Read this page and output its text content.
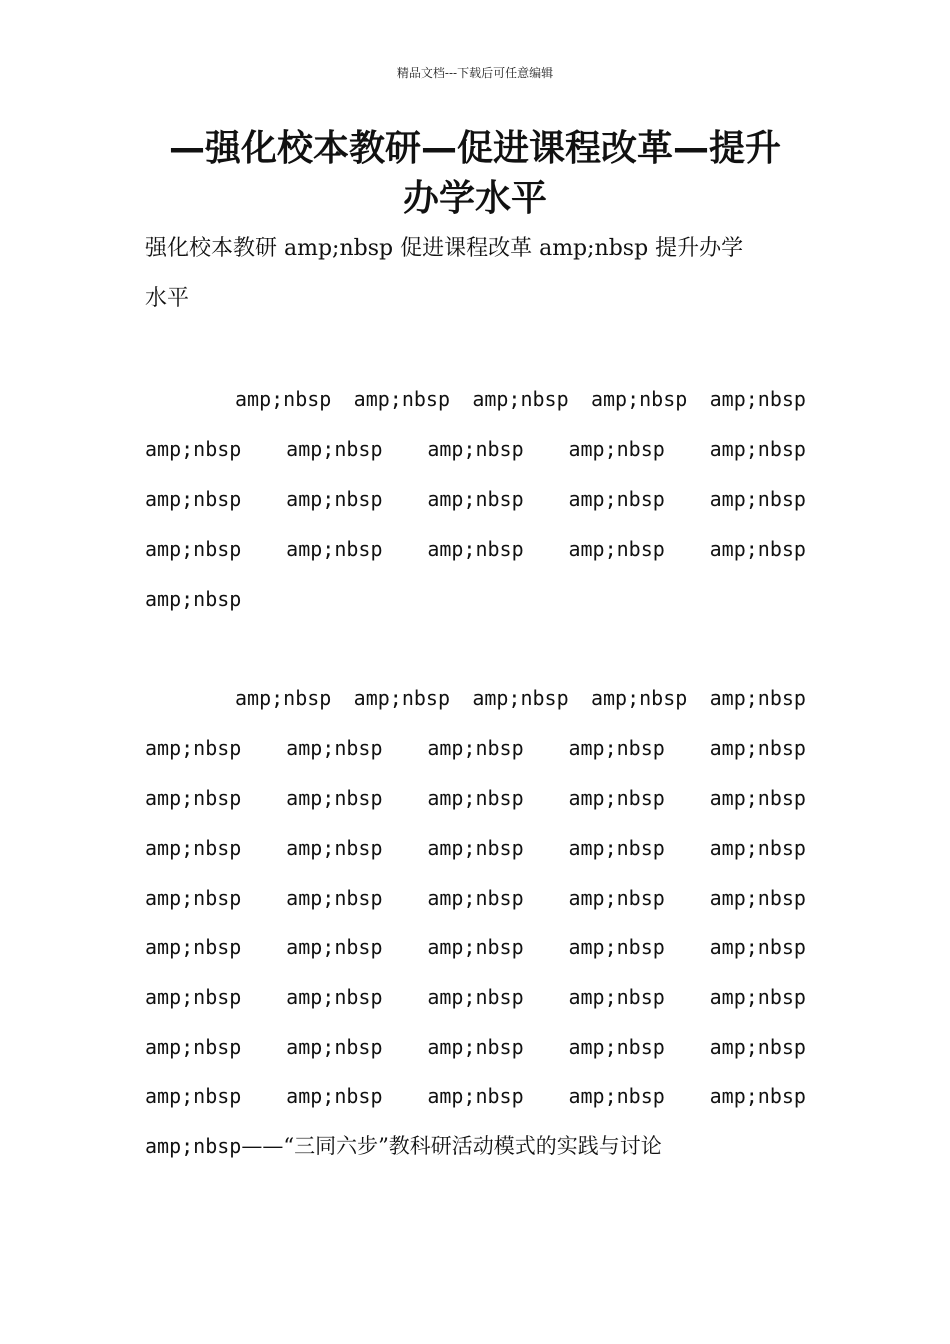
精品文档---下载后可任意编辑
—强化校本教研—促进课程改革—提升
办学水平
强化校本教研 amp;nbsp 促进课程改革 amp;nbsp 提升办学
水平
amp;nbsp amp;nbsp amp;nbsp amp;nbsp amp;nbsp
amp;nbsp amp;nbsp amp;nbsp amp;nbsp amp;nbsp
amp;nbsp amp;nbsp amp;nbsp amp;nbsp amp;nbsp
amp;nbsp amp;nbsp amp;nbsp amp;nbsp amp;nbsp
amp;nbsp
amp;nbsp amp;nbsp amp;nbsp amp;nbsp amp;nbsp
amp;nbsp amp;nbsp amp;nbsp amp;nbsp amp;nbsp
amp;nbsp amp;nbsp amp;nbsp amp;nbsp amp;nbsp
amp;nbsp amp;nbsp amp;nbsp amp;nbsp amp;nbsp
amp;nbsp amp;nbsp amp;nbsp amp;nbsp amp;nbsp
amp;nbsp amp;nbsp amp;nbsp amp;nbsp amp;nbsp
amp;nbsp amp;nbsp amp;nbsp amp;nbsp amp;nbsp
amp;nbsp amp;nbsp amp;nbsp amp;nbsp amp;nbsp
amp;nbsp amp;nbsp amp;nbsp amp;nbsp amp;nbsp
amp;nbsp——“三同六步”教科研活动模式的实践与讨论
